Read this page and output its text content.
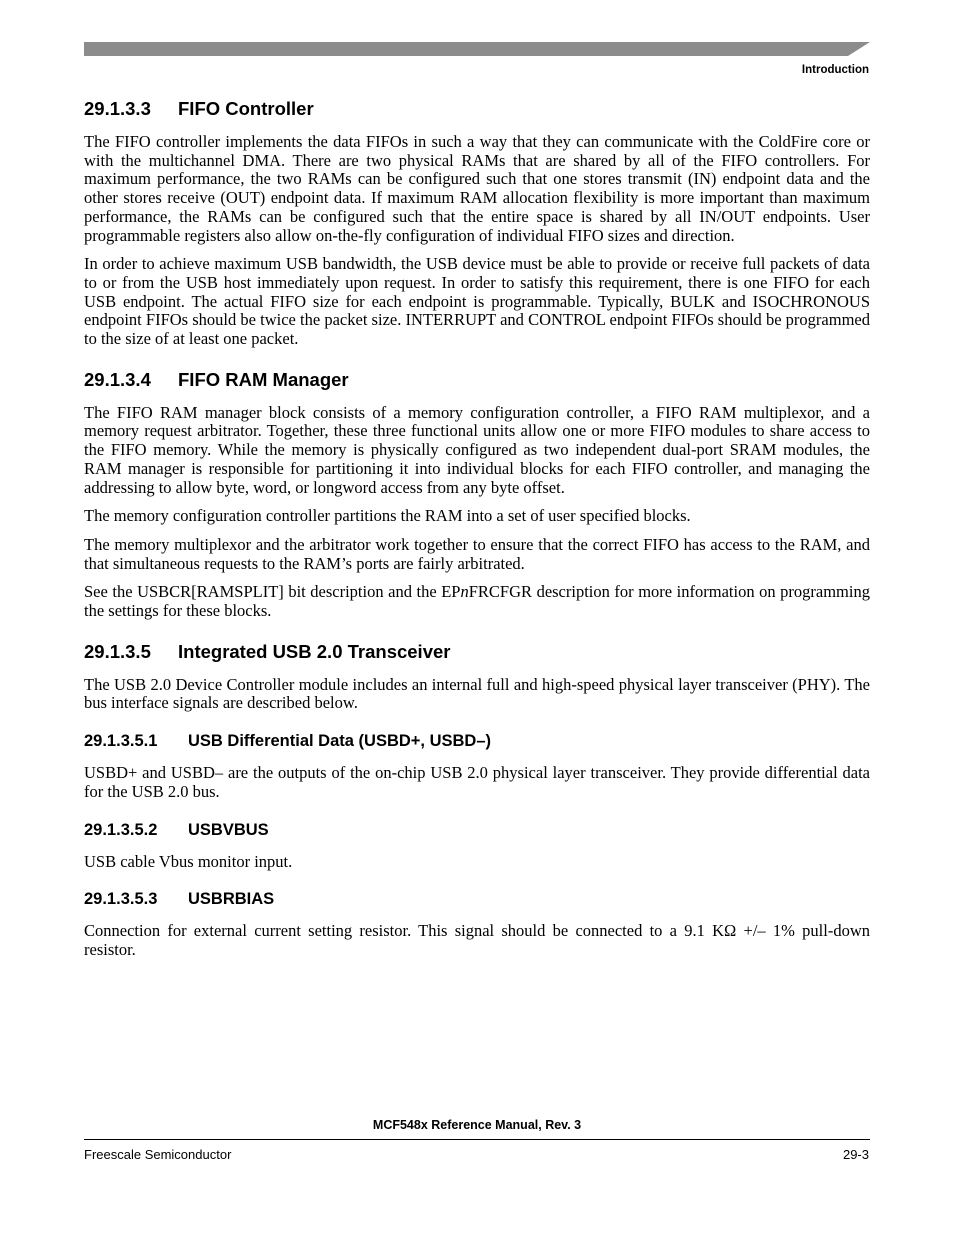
Introduction
29.1.3.3 FIFO Controller

The FIFO controller implements the data FIFOs in such a way that they can communicate with the ColdFire core or with the multichannel DMA. There are two physical RAMs that are shared by all of the FIFO controllers. For maximum performance, the two RAMs can be configured such that one stores transmit (IN) endpoint data and the other stores receive (OUT) endpoint data. If maximum RAM allocation flexibility is more important than maximum performance, the RAMs can be configured such that the entire space is shared by all IN/OUT endpoints. User programmable registers also allow on-the-fly configuration of individual FIFO sizes and direction.

In order to achieve maximum USB bandwidth, the USB device must be able to provide or receive full packets of data to or from the USB host immediately upon request. In order to satisfy this requirement, there is one FIFO for each USB endpoint. The actual FIFO size for each endpoint is programmable. Typically, BULK and ISOCHRONOUS endpoint FIFOs should be twice the packet size. INTERRUPT and CONTROL endpoint FIFOs should be programmed to the size of at least one packet.

29.1.3.4 FIFO RAM Manager

The FIFO RAM manager block consists of a memory configuration controller, a FIFO RAM multiplexor, and a memory request arbitrator. Together, these three functional units allow one or more FIFO modules to share access to the FIFO memory. While the memory is physically configured as two independent dual-port SRAM modules, the RAM manager is responsible for partitioning it into individual blocks for each FIFO controller, and managing the addressing to allow byte, word, or longword access from any byte offset.

The memory configuration controller partitions the RAM into a set of user specified blocks.

The memory multiplexor and the arbitrator work together to ensure that the correct FIFO has access to the RAM, and that simultaneous requests to the RAM’s ports are fairly arbitrated.

See the USBCR[RAMSPLIT] bit description and the EPnFRCFGR description for more information on programming the settings for these blocks.

29.1.3.5 Integrated USB 2.0 Transceiver

The USB 2.0 Device Controller module includes an internal full and high-speed physical layer transceiver (PHY). The bus interface signals are described below.

29.1.3.5.1 USB Differential Data (USBD+, USBD–)

USBD+ and USBD– are the outputs of the on-chip USB 2.0 physical layer transceiver. They provide differential data for the USB 2.0 bus.

29.1.3.5.2 USBVBUS

USB cable Vbus monitor input.

29.1.3.5.3 USBRBIAS

Connection for external current setting resistor. This signal should be connected to a 9.1 KΩ +/– 1% pull-down resistor.

MCF548x Reference Manual, Rev. 3
Freescale Semiconductor	29-3
